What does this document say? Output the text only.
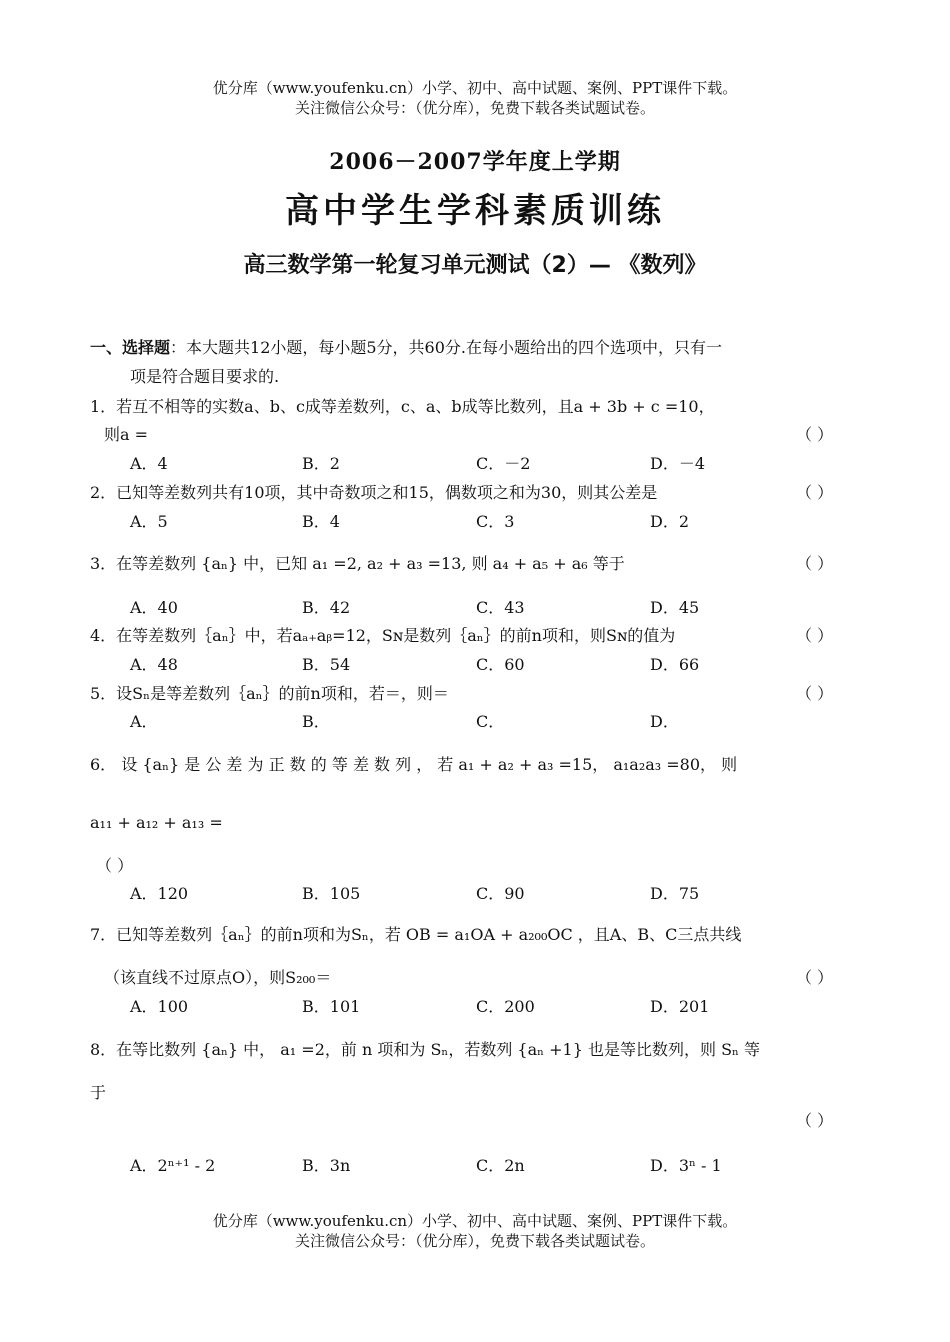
优分库（www.youfenku.cn）小学、初中、高中试题、案例、PPT课件下载。
关注微信公众号：（优分库），免费下载各类试题试卷。
2006－2007学年度上学期
高中学生学科素质训练
高三数学第一轮复习单元测试（2）— 《数列》
一、选择题：本大题共12小题，每小题5分，共60分.在每小题给出的四个选项中，只有一
项是符合题目要求的.
1．若互不相等的实数a、b、c成等差数列，c、a、b成等比数列，且a + 3b + c =10，
则a =	（ ）
A．4	B．2	C．－2	D．－4
2．已知等差数列共有10项，其中奇数项之和15，偶数项之和为30，则其公差是	（ ）
A．5	B．4	C．3	D．2
3．在等差数列 {aₙ} 中，已知 a₁ =2, a₂ + a₃ =13, 则 a₄ + a₅ + a₆ 等于	（ ）
A．40	B．42	C．43	D．45
4．在等差数列｛aₙ｝中，若aₐ₊aᵦ=12，Sɴ是数列｛aₙ｝的前n项和，则Sɴ的值为	（ ）
A．48	B．54	C．60	D．66
5．设Sₙ是等差数列｛aₙ｝的前n项和，若＝，则＝	（ ）
A．	B．	C．	D．
6． 设 {aₙ} 是 公 差 为 正 数 的 等 差 数 列 ， 若 a₁ + a₂ + a₃ =15， a₁a₂a₃ =80， 则
a₁₁ + a₁₂ + a₁₃ =
（ ）
A．120	B．105	C．90	D．75
7．已知等差数列｛aₙ｝的前n项和为Sₙ，若 OB = a₁OA + a₂₀₀OC ，且A、B、C三点共线
（该直线不过原点O），则S₂₀₀＝	（ ）
A．100	B．101	C．200	D．201
8．在等比数列 {aₙ} 中， a₁ =2，前 n 项和为 Sₙ，若数列 {aₙ +1} 也是等比数列，则 Sₙ 等
于
（ ）
A．2ⁿ⁺¹ - 2	B．3n	C．2n	D．3ⁿ - 1
优分库（www.youfenku.cn）小学、初中、高中试题、案例、PPT课件下载。
关注微信公众号：（优分库），免费下载各类试题试卷。
